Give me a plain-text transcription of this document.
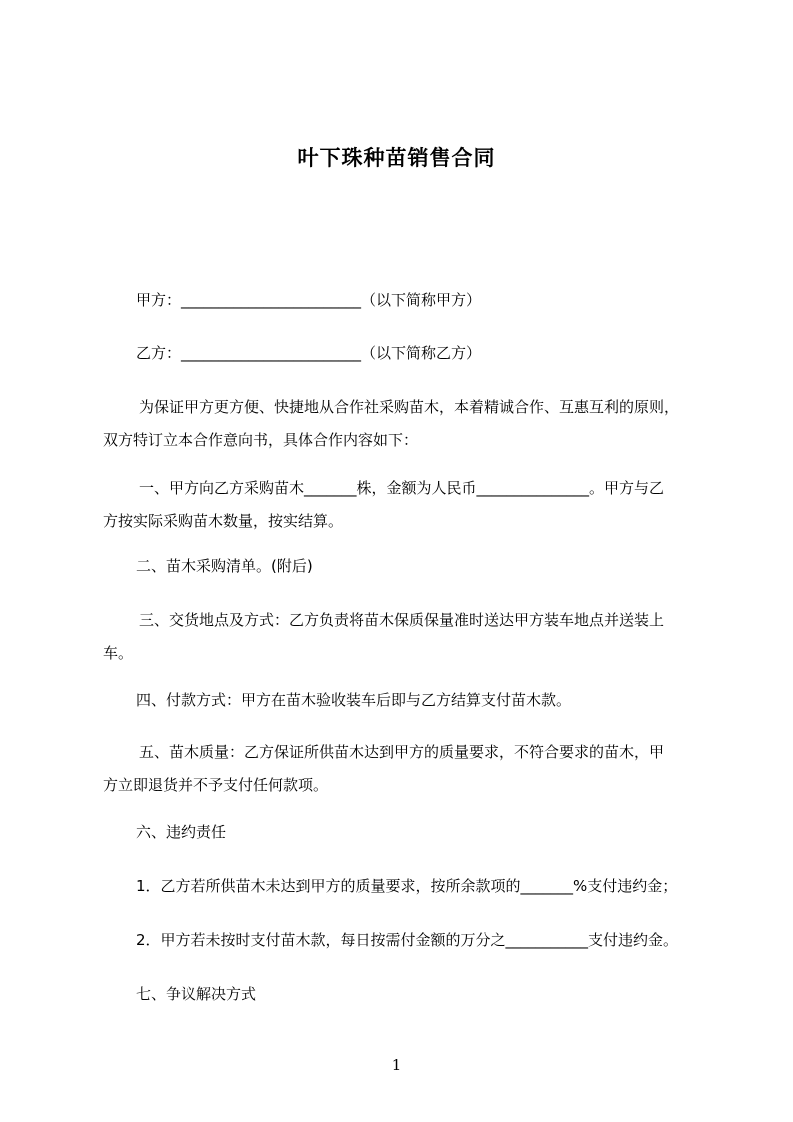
叶下珠种苗销售合同
甲方：________________________（以下简称甲方）
乙方：________________________（以下简称乙方）
为保证甲方更方便、快捷地从合作社采购苗木，本着精诚合作、互惠互利的原则，
双方特订立本合作意向书，具体合作内容如下：
一、甲方向乙方采购苗木_______株，金额为人民币_______________。甲方与乙
方按实际采购苗木数量，按实结算。
二、苗木采购清单。(附后)
三、交货地点及方式：乙方负责将苗木保质保量准时送达甲方装车地点并送装上
车。
四、付款方式：甲方在苗木验收装车后即与乙方结算支付苗木款。
五、苗木质量：乙方保证所供苗木达到甲方的质量要求，不符合要求的苗木，甲
方立即退货并不予支付任何款项。
六、违约责任
1．乙方若所供苗木未达到甲方的质量要求，按所余款项的_______%支付违约金；
2．甲方若未按时支付苗木款，每日按需付金额的万分之___________支付违约金。
七、争议解决方式
1
